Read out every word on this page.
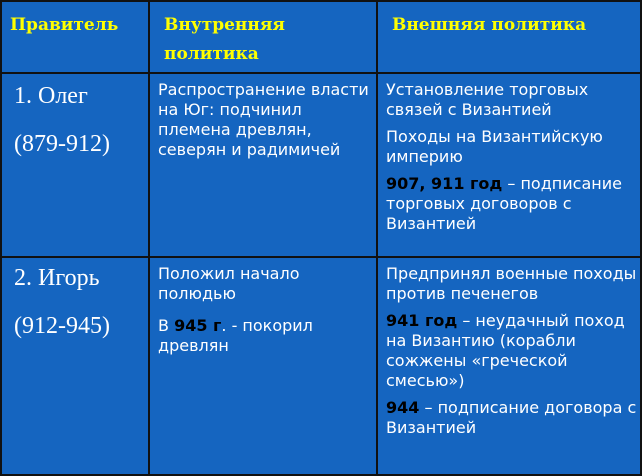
Правитель	Внутренняя
политика
Внешняя политика
1. Олег
(879-912)
Распространение власти на Юг: подчинил племена древлян, северян и радимичей

Установление торговых связей с Византией

Походы на Византийскую империю

907, 911 год – подписание торговых договоров с Византией

2. Игорь
(912-945)

Положил начало полюдью

В 945 г. - покорил древлян

Предпринял военные походы против печенегов

941 год – неудачный поход на Византию (корабли сожжены «греческой смесью»)

944 – подписание договора с Византией
